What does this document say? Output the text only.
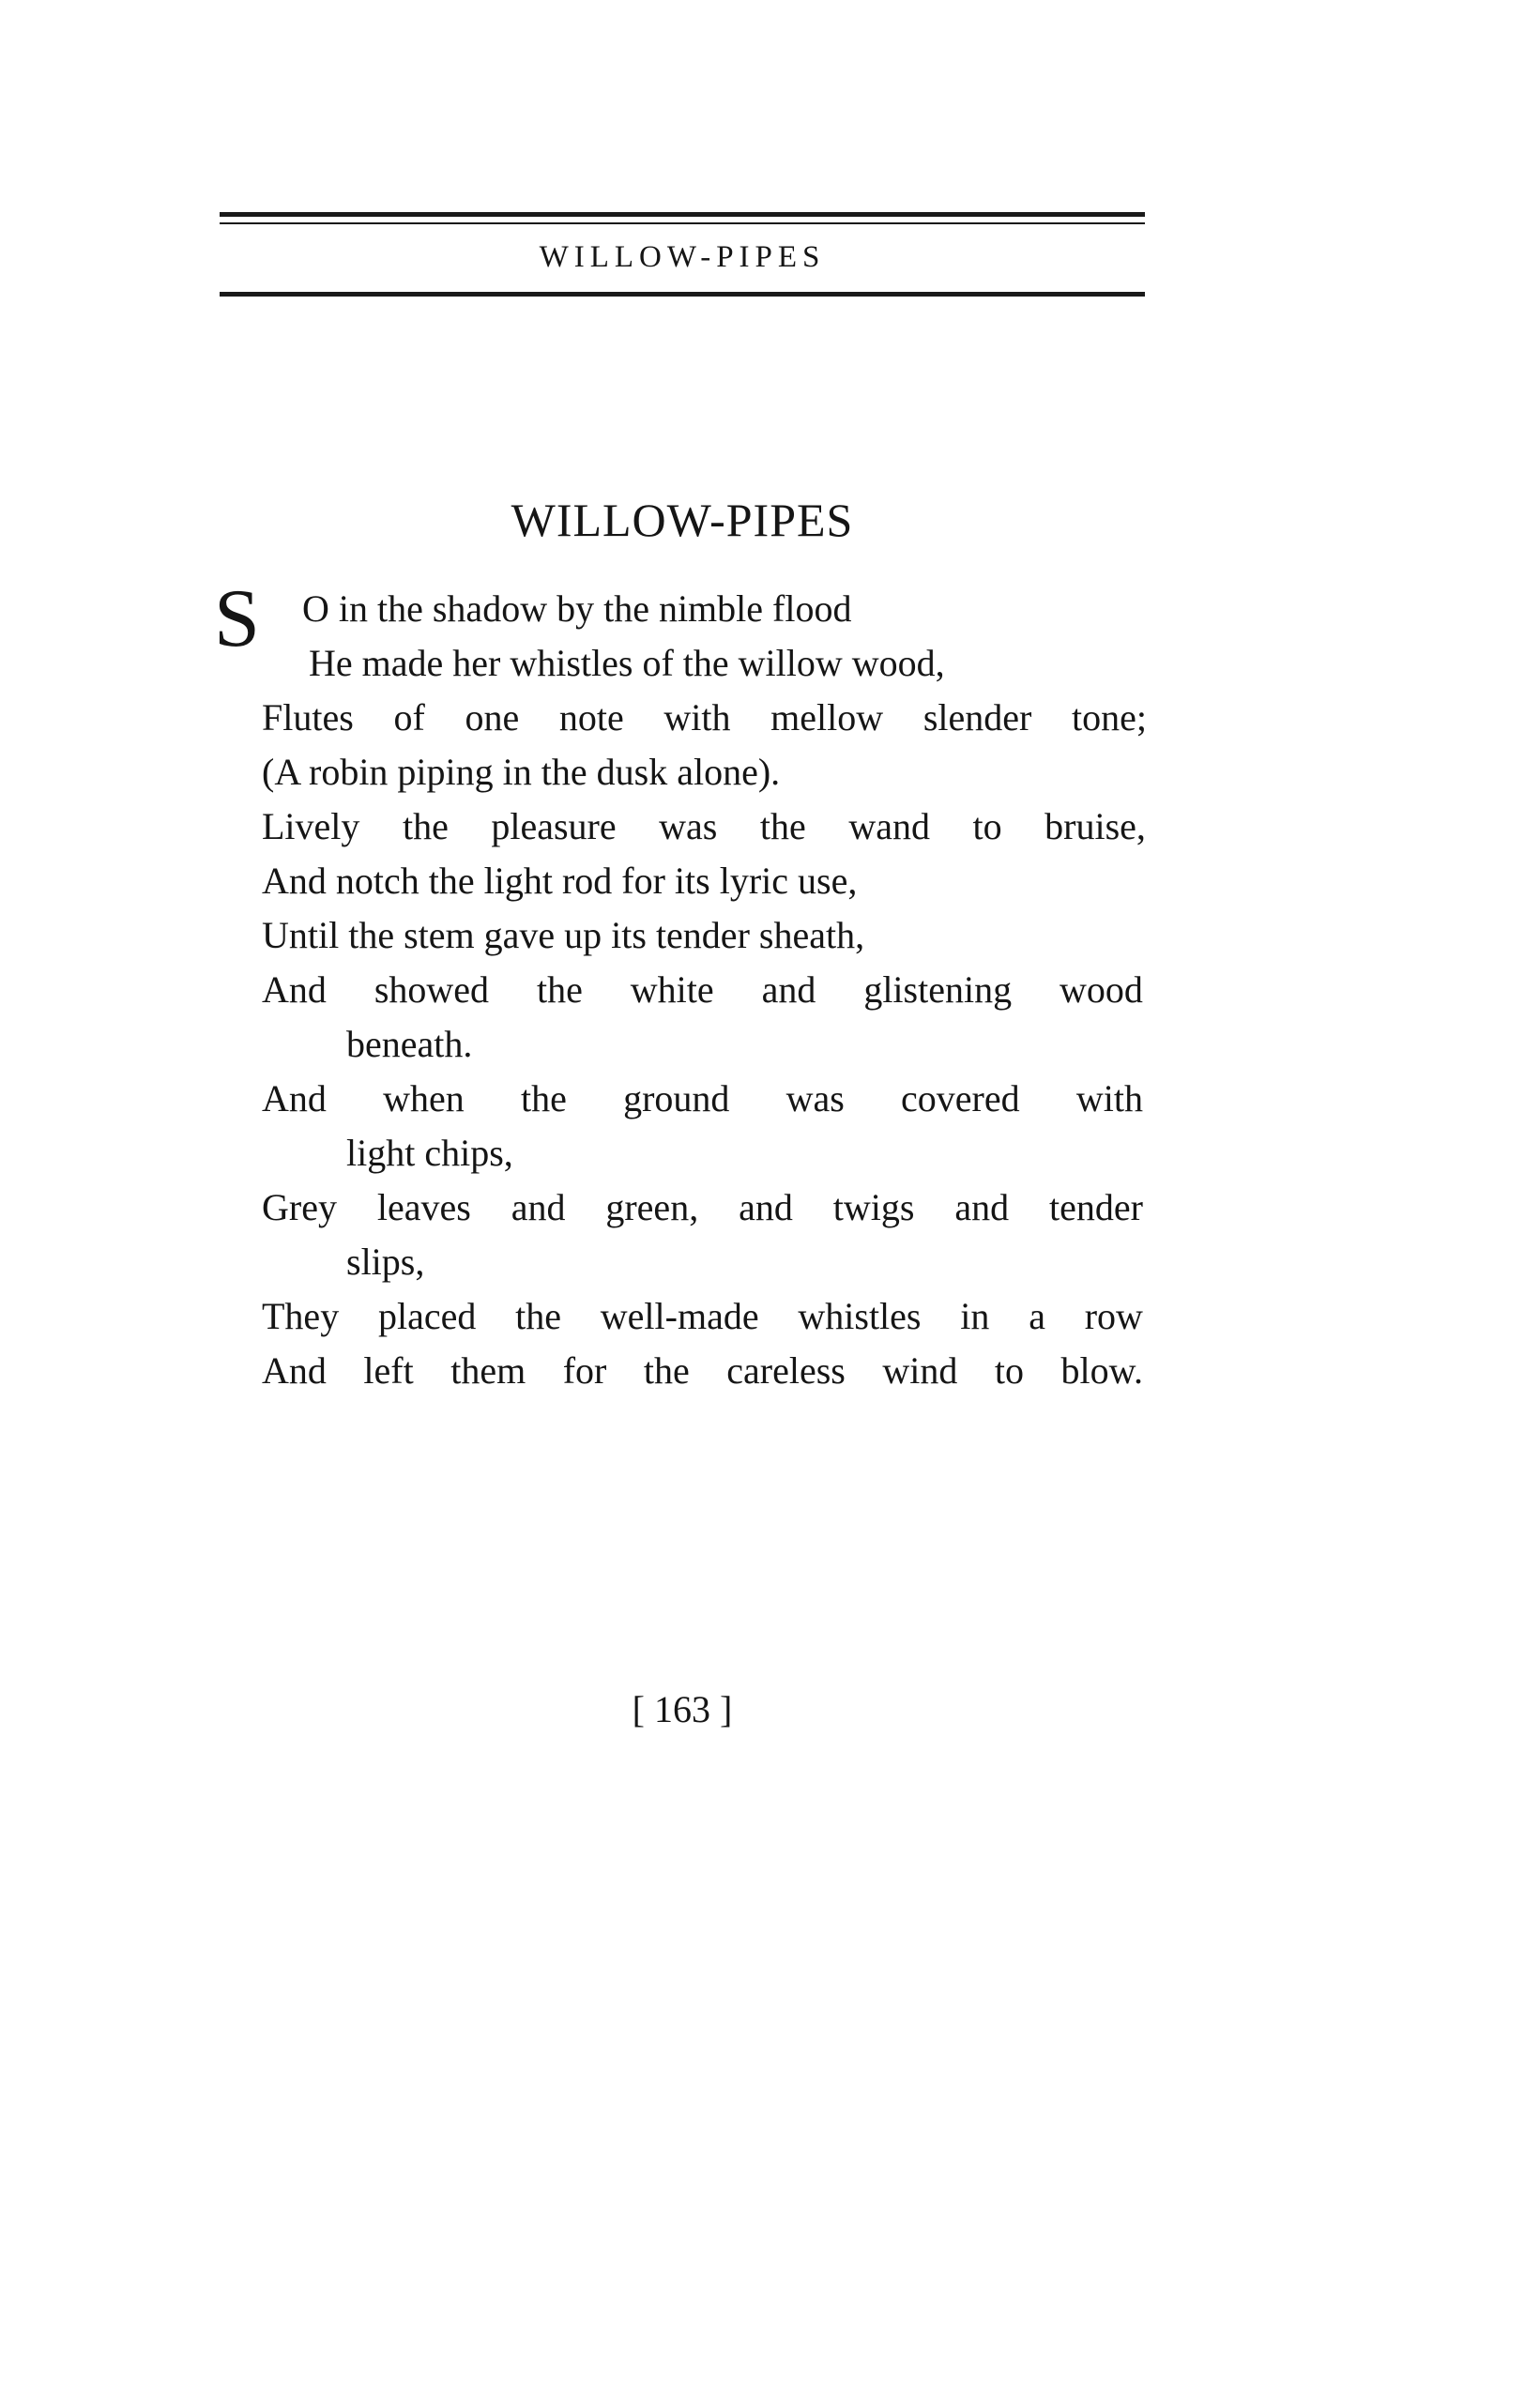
WILLOW-PIPES
WILLOW-PIPES
S O in the shadow by the nimble flood
He made her whistles of the willow wood,
Flutes of one note with mellow slender tone;
(A robin piping in the dusk alone).
Lively the pleasure was the wand to bruise,
And notch the light rod for its lyric use,
Until the stem gave up its tender sheath,
And showed the white and glistening wood
beneath.
And when the ground was covered with
light chips,
Grey leaves and green, and twigs and tender
slips,
They placed the well-made whistles in a row
And left them for the careless wind to blow.
[ 163 ]
